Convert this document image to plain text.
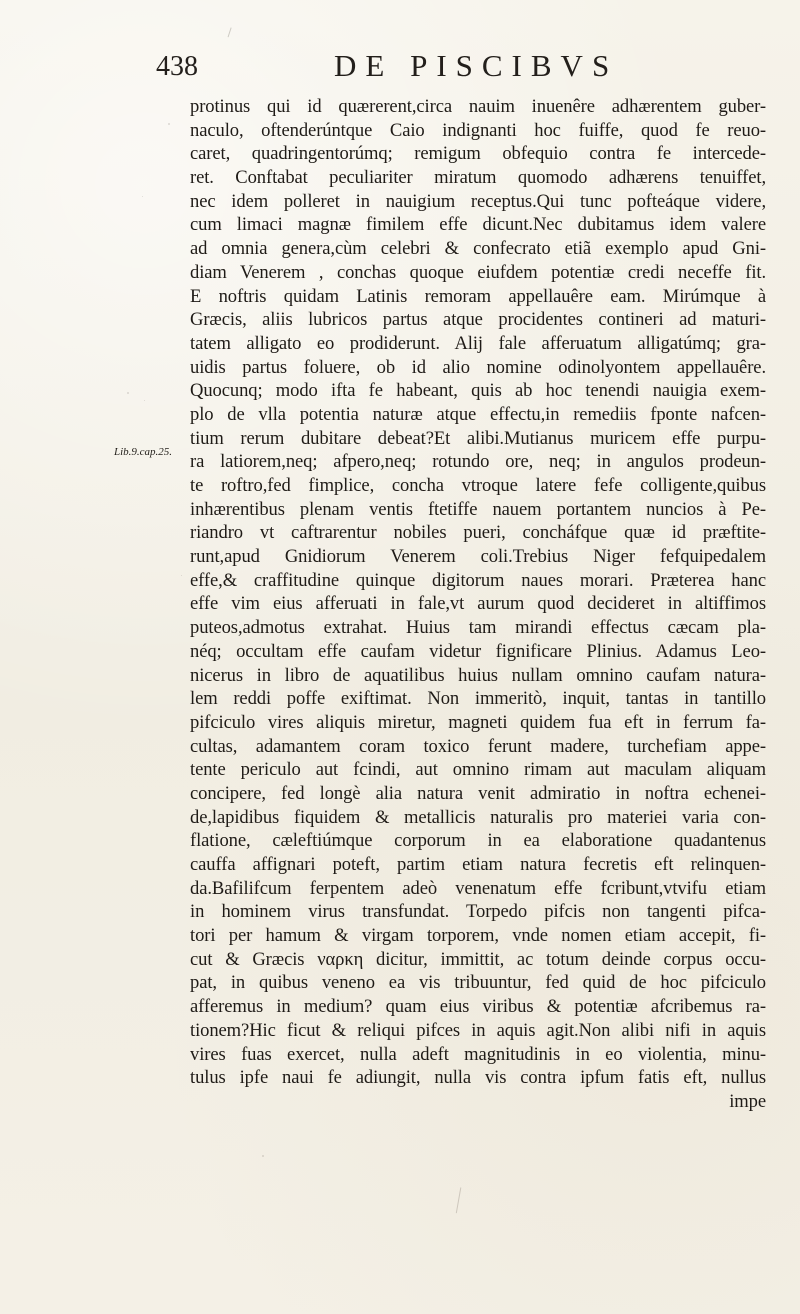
438	DE PISCIBVS
Lib.9.cap.25.
protinus qui id quærerent,circa nauim inuenêre adhærentem guber-
naculo, oftenderúntque Caio indignanti hoc fuiffe, quod fe reuo-
caret, quadringentorúmq; remigum obfequio contra fe intercede-
ret. Conftabat peculiariter miratum quomodo adhærens tenuiffet,
nec idem polleret in nauigium receptus.Qui tunc pofteáque videre,
cum limaci magnæ fimilem effe dicunt.Nec dubitamus idem valere
ad omnia genera,cùm celebri & confecrato etiã exemplo apud Gni-
diam Venerem , conchas quoque eiufdem potentiæ credi neceffe fit.
E noftris quidam Latinis remoram appellauêre eam. Mirúmque à
Græcis, aliis lubricos partus atque procidentes contineri ad maturi-
tatem alligato eo prodiderunt. Alij fale afferuatum alligatúmq; gra-
uidis partus foluere, ob id alio nomine odinolyontem appellauêre.
Quocunq; modo ifta fe habeant, quis ab hoc tenendi nauigia exem-
plo de vlla potentia naturæ atque effectu,in remediis fponte nafcen-
tium rerum dubitare debeat?Et alibi.Mutianus muricem effe purpu-
ra latiorem,neq; afpero,neq; rotundo ore, neq; in angulos prodeun-
te roftro,fed fimplice, concha vtroque latere fefe colligente,quibus
inhærentibus plenam ventis ftetiffe nauem portantem nuncios à Pe-
riandro vt caftrarentur nobiles pueri, concháfque quæ id præftite-
runt,apud Gnidiorum Venerem coli.Trebius Niger fefquipedalem
effe,& craffitudine quinque digitorum naues morari. Præterea hanc
effe vim eius afferuati in fale,vt aurum quod decideret in altiffimos
puteos,admotus extrahat. Huius tam mirandi effectus cæcam pla-
néq; occultam effe caufam videtur fignificare Plinius. Adamus Leo-
nicerus in libro de aquatilibus huius nullam omnino caufam natura-
lem reddi poffe exiftimat. Non immeritò, inquit, tantas in tantillo
pifciculo vires aliquis miretur, magneti quidem fua eft in ferrum fa-
cultas, adamantem coram toxico ferunt madere, turchefiam appe-
tente periculo aut fcindi, aut omnino rimam aut maculam aliquam
concipere, fed longè alia natura venit admiratio in noftra echenei-
de,lapidibus fiquidem & metallicis naturalis pro materiei varia con-
flatione, cæleftiúmque corporum in ea elaboratione quadantenus
cauffa affignari poteft, partim etiam natura fecretis eft relinquen-
da.Bafilifcum ferpentem adeò venenatum effe fcribunt,vtvifu etiam
in hominem virus transfundat. Torpedo pifcis non tangenti pifca-
tori per hamum & virgam torporem, vnde nomen etiam accepit, fi-
cut & Græcis ναρκη dicitur, immittit, ac totum deinde corpus occu-
pat, in quibus veneno ea vis tribuuntur, fed quid de hoc pifciculo
afferemus in medium? quam eius viribus & potentiæ afcribemus ra-
tionem?Hic ficut & reliqui pifces in aquis agit.Non alibi nifi in aquis
vires fuas exercet, nulla adeft magnitudinis in eo violentia, minu-
tulus ipfe naui fe adiungit, nulla vis contra ipfum fatis eft, nullus
impe
